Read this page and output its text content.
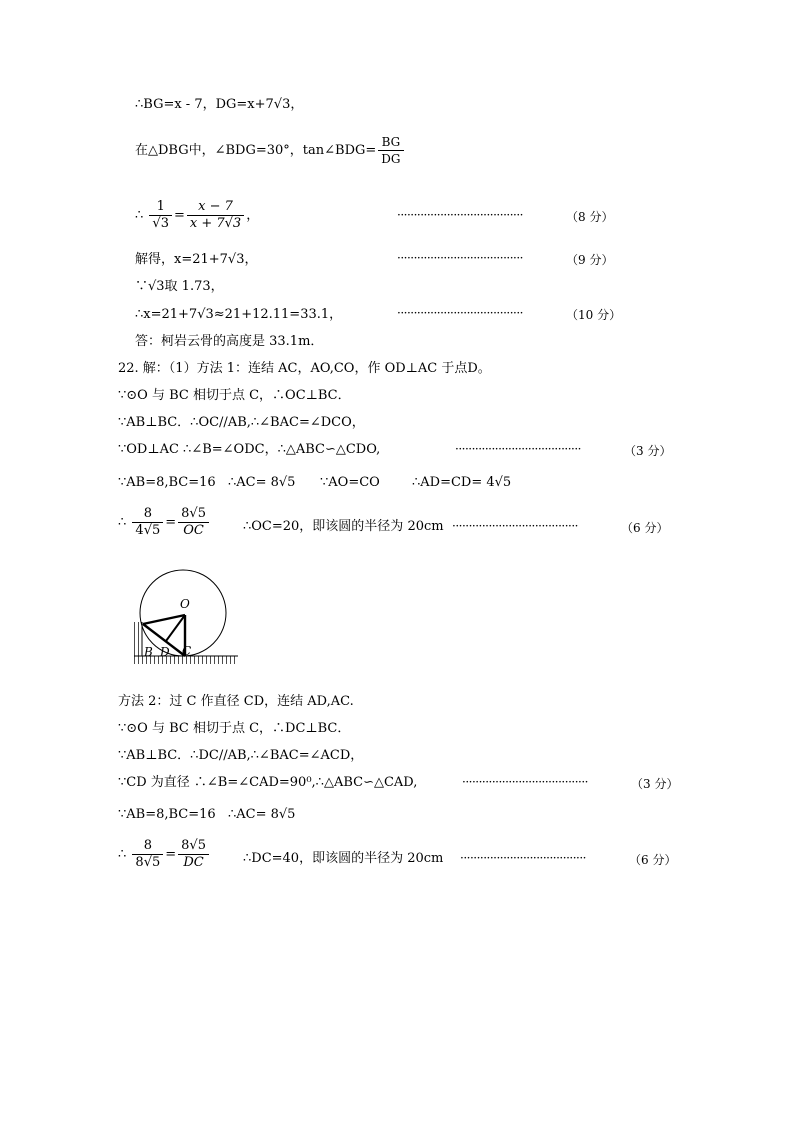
∴BG=x - 7，DG=x+7√3，
在△DBG中，∠BDG=30°，tan∠BDG= $\frac{BG}{DG}$
∴ $\frac{1}{√3} = \frac{x - 7}{x + 7√3}$ ，	······································	（8 分）
解得，x=21+7√3，	······································	（9 分）
∵√3取 1.73，
∴x=21+7√3≈21+12.11=33.1，	······································	（10 分）
答：柯岩云骨的高度是 33.1m．
22. 解：（1）方法 1：连结 AC，AO,CO，作 OD⊥AC 于点D。
∵⊙O 与 BC 相切于点 C，∴OC⊥BC．
∵AB⊥BC．∴OC//AB,∴∠BAC=∠DCO，
∵OD⊥AC ∴∠B=∠ODC，∴△ABC∽△CDO,	······································	（3 分）
∵AB=8,BC=16 ∴AC= 8√5 ∵AO=CO ∴AD=CD= 4√5
∴ $\frac{8}{4√5} = \frac{8√5}{OC}$	∴OC=20，即该圆的半径为 20cm ······································	（6 分）
O
B D C
方法 2：过 C 作直径 CD，连结 AD,AC.
∵⊙O 与 BC 相切于点 C，∴DC⊥BC．
∵AB⊥BC．∴DC//AB,∴∠BAC=∠ACD，
∵CD 为直径 ∴∠B=∠CAD=90⁰,∴△ABC∽△CAD,	······································	（3 分）
∵AB=8,BC=16 ∴AC= 8√5
∴ $\frac{8}{8√5} = \frac{8√5}{DC}$	∴DC=40，即该圆的半径为 20cm ······································	（6 分）
